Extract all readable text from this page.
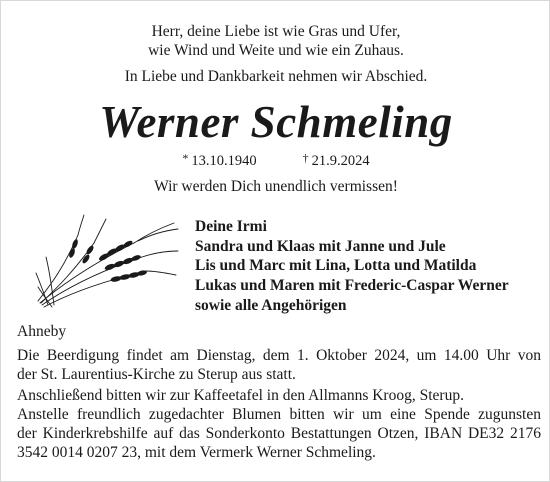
Herr, deine Liebe ist wie Gras und Ufer,
wie Wind und Weite und wie ein Zuhaus.
In Liebe und Dankbarkeit nehmen wir Abschied.
Werner Schmeling
* 13.10.1940	† 21.9.2024
Wir werden Dich unendlich vermissen!
Deine Irmi
Sandra und Klaas mit Janne und Jule
Lis und Marc mit Lina, Lotta und Matilda
Lukas und Maren mit Frederic-Caspar Werner
sowie alle Angehörigen
Ahneby
Die Beerdigung findet am Dienstag, dem 1. Oktober 2024, um 14.00 Uhr von
der St. Laurentius-Kirche zu Sterup aus statt.
Anschließend bitten wir zur Kaffeetafel in den Allmanns Kroog, Sterup.
Anstelle freundlich zugedachter Blumen bitten wir um eine Spende zugunsten
der Kinderkrebshilfe auf das Sonderkonto Bestattungen Otzen, IBAN DE32 2176
3542 0014 0207 23, mit dem Vermerk Werner Schmeling.
